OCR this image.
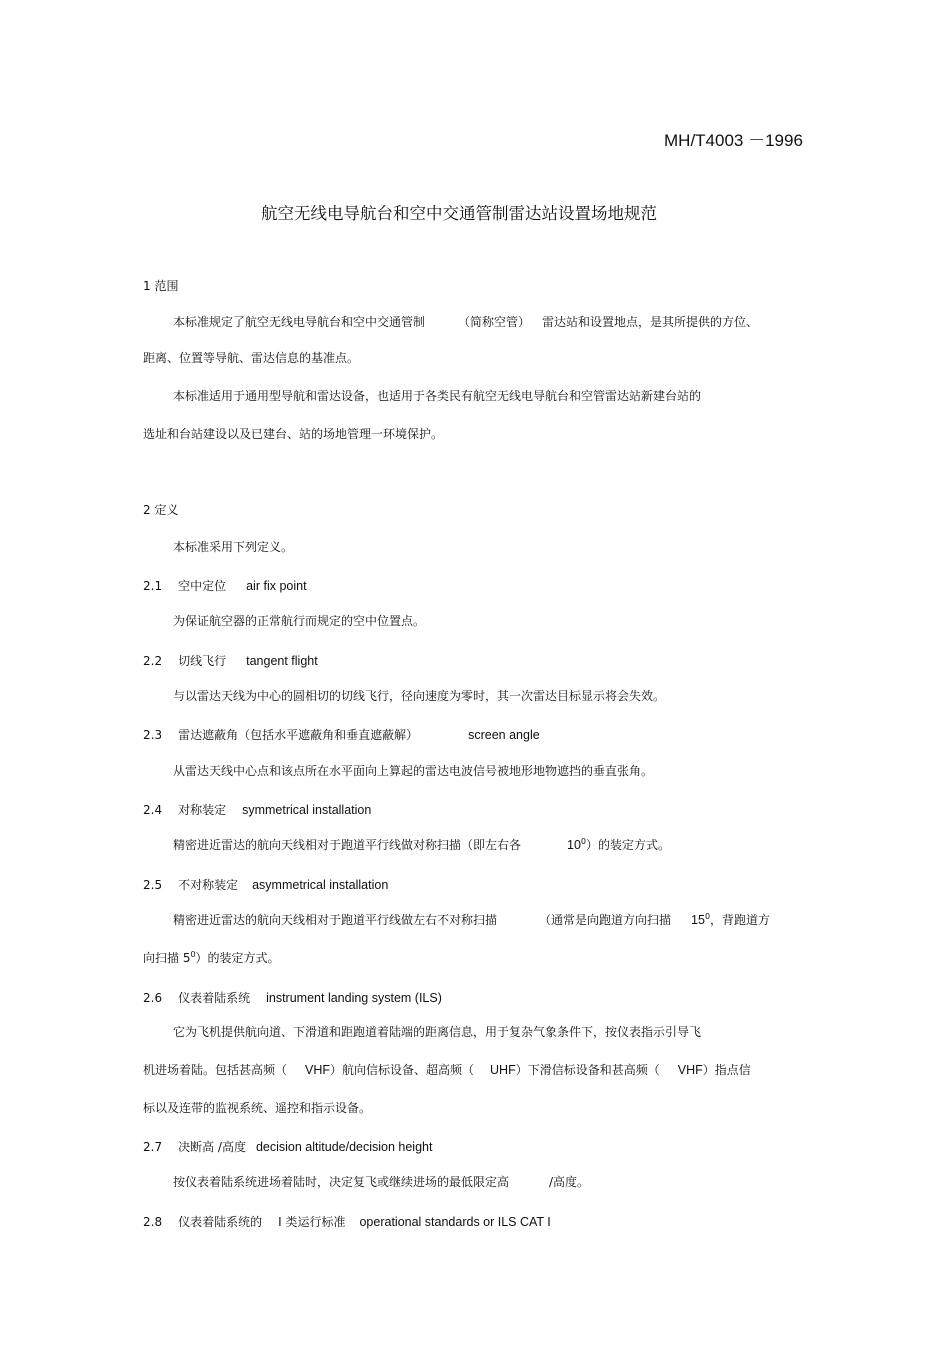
MH/T4003 －1996
航空无线电导航台和空中交通管制雷达站设置场地规范
1 范围
本标准规定了航空无线电导航台和空中交通管制	（简称空管） 雷达站和设置地点，是其所提供的方位、
距离、位置等导航、雷达信息的基准点。
本标准适用于通用型导航和雷达设备，也适用于各类民有航空无线电导航台和空管雷达站新建台站的
选址和台站建设以及已建台、站的场地管理一环境保护。
2 定义
本标准采用下列定义。
2.1 空中定位 air fix point
为保证航空器的正常航行而规定的空中位置点。
2.2 切线飞行 tangent flight
与以雷达天线为中心的圆相切的切线飞行，径向速度为零时，其一次雷达目标显示将会失效。
2.3 雷达遮蔽角（包括水平遮蔽角和垂直遮蔽解）	screen angle
从雷达天线中心点和该点所在水平面向上算起的雷达电波信号被地形地物遮挡的垂直张角。
2.4 对称装定 symmetrical installation
精密进近雷达的航向天线相对于跑道平行线做对称扫描（即左右各	$10^0$）的装定方式。
2.5 不对称装定 asymmetrical installation
精密进近雷达的航向天线相对于跑道平行线做左右不对称扫描	（通常是向跑道方向扫描 $15^0$，背跑道方
向扫描 $5^0$）的装定方式。
2.6 仪表着陆系统 instrument landing system (ILS)
它为飞机提供航向道、下滑道和距跑道着陆端的距离信息，用于复杂气象条件下，按仪表指示引导飞
机进场着陆。包括甚高频（ VHF）航向信标设备、超高频（ UHF）下滑信标设备和甚高频（ VHF）指点信
标以及连带的监视系统、遥控和指示设备。
2.7 决断高 /高度 decision altitude/decision height
按仪表着陆系统进场着陆时，决定复飞或继续进场的最低限定高	/高度。
2.8 仪表着陆系统的 I 类运行标准 operational standards or ILS CAT I
